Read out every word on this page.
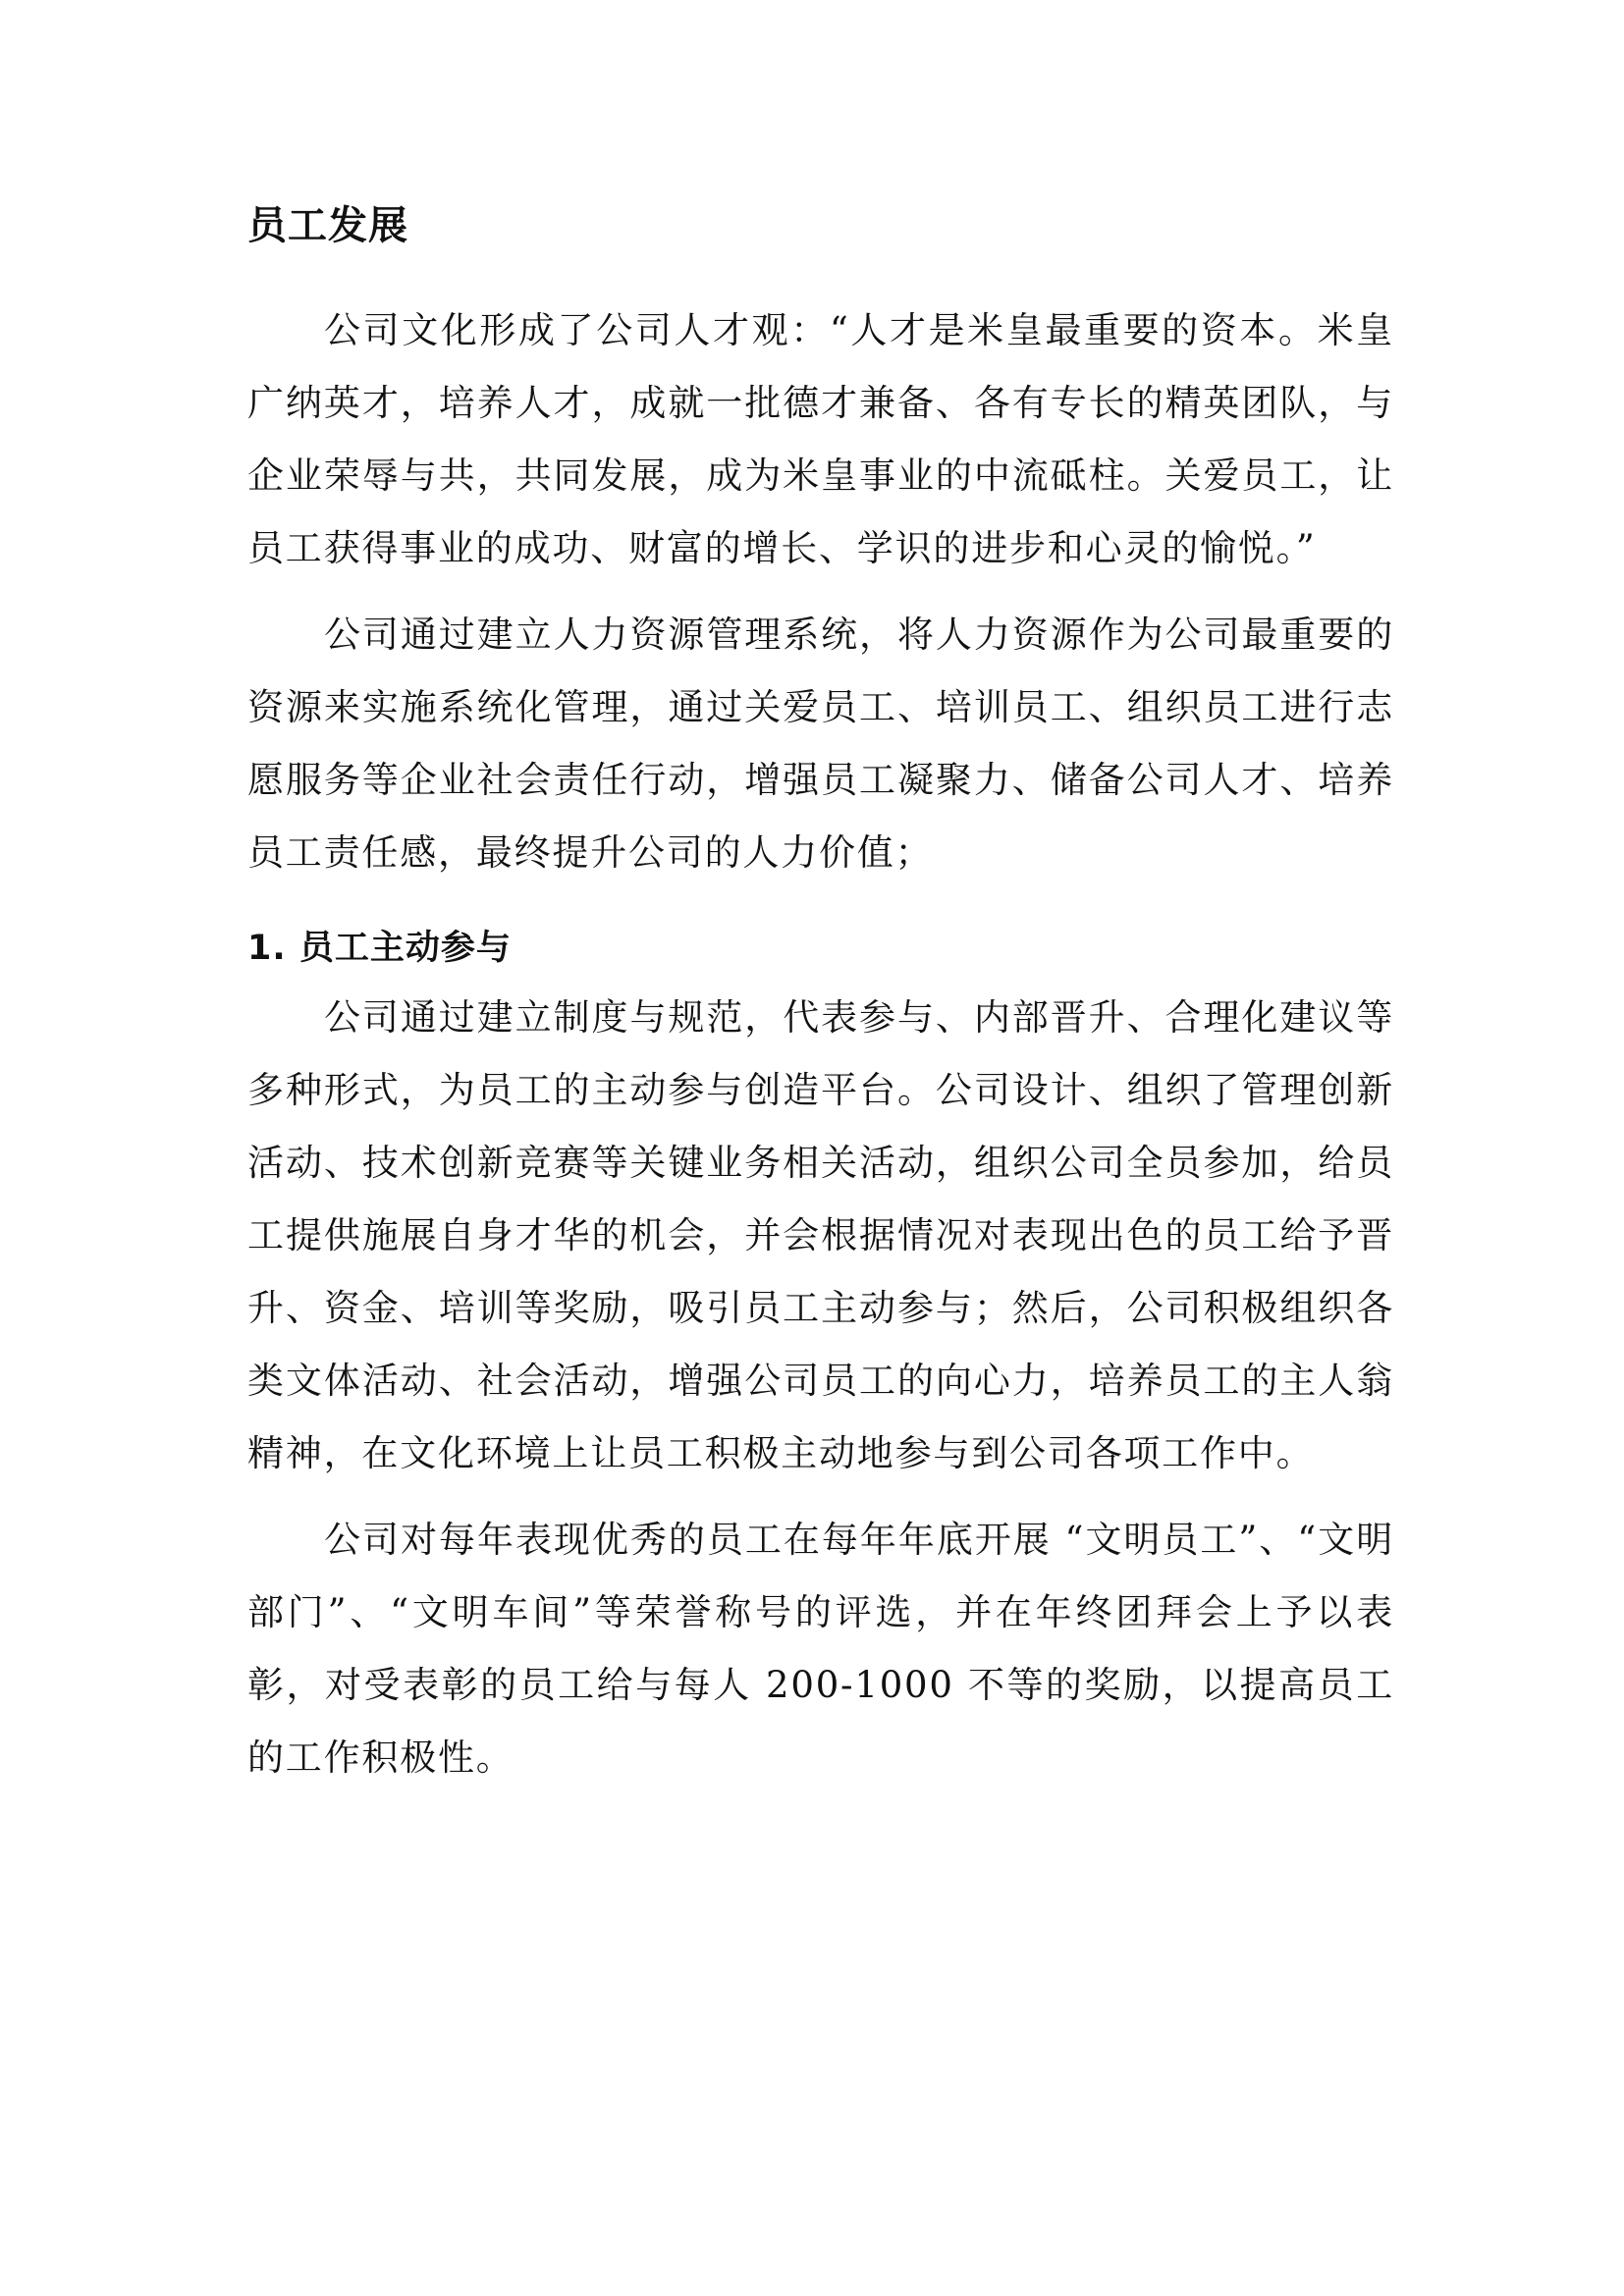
员工发展

公司文化形成了公司人才观：“人才是米皇最重要的资本。米皇广纳英才，培养人才，成就一批德才兼备、各有专长的精英团队，与企业荣辱与共，共同发展，成为米皇事业的中流砥柱。关爱员工，让员工获得事业的成功、财富的增长、学识的进步和心灵的愉悦。”

公司通过建立人力资源管理系统，将人力资源作为公司最重要的资源来实施系统化管理，通过关爱员工、培训员工、组织员工进行志愿服务等企业社会责任行动，增强员工凝聚力、储备公司人才、培养员工责任感，最终提升公司的人力价值；

1. 员工主动参与

公司通过建立制度与规范，代表参与、内部晋升、合理化建议等多种形式，为员工的主动参与创造平台。公司设计、组织了管理创新活动、技术创新竞赛等关键业务相关活动，组织公司全员参加，给员工提供施展自身才华的机会，并会根据情况对表现出色的员工给予晋升、资金、培训等奖励，吸引员工主动参与；然后，公司积极组织各类文体活动、社会活动，增强公司员工的向心力，培养员工的主人翁精神，在文化环境上让员工积极主动地参与到公司各项工作中。

公司对每年表现优秀的员工在每年年底开展 “文明员工”、“文明部门”、“文明车间”等荣誉称号的评选，并在年终团拜会上予以表彰，对受表彰的员工给与每人 200-1000 不等的奖励，以提高员工的工作积极性。
